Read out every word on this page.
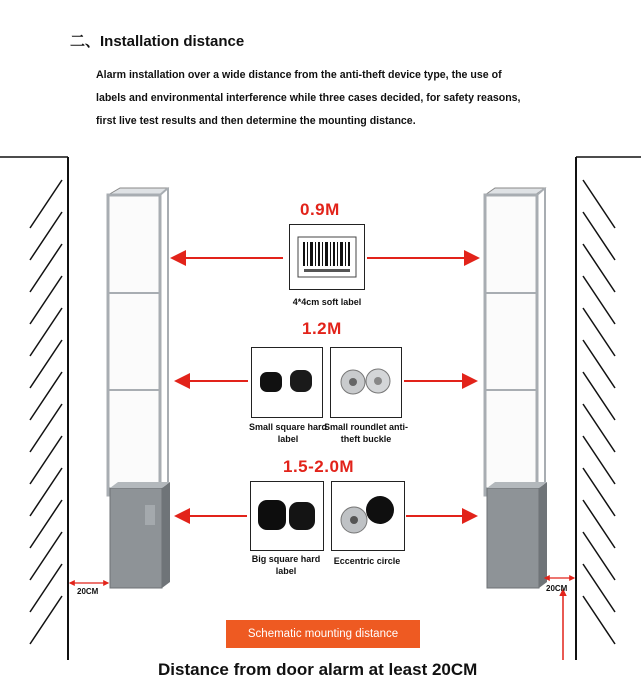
二、Installation distance
Alarm installation over a wide distance from the anti-theft device type, the use of
labels and environmental interference while three cases decided, for safety reasons,
first live test results and then determine the mounting distance.
0.9M
1.2M
1.5-2.0M
4*4cm soft label
Small square hard label
Small roundlet anti-theft buckle
Big square hard label
Eccentric circle
20CM	20CM
Schematic mounting distance
Distance from door alarm at least 20CM
